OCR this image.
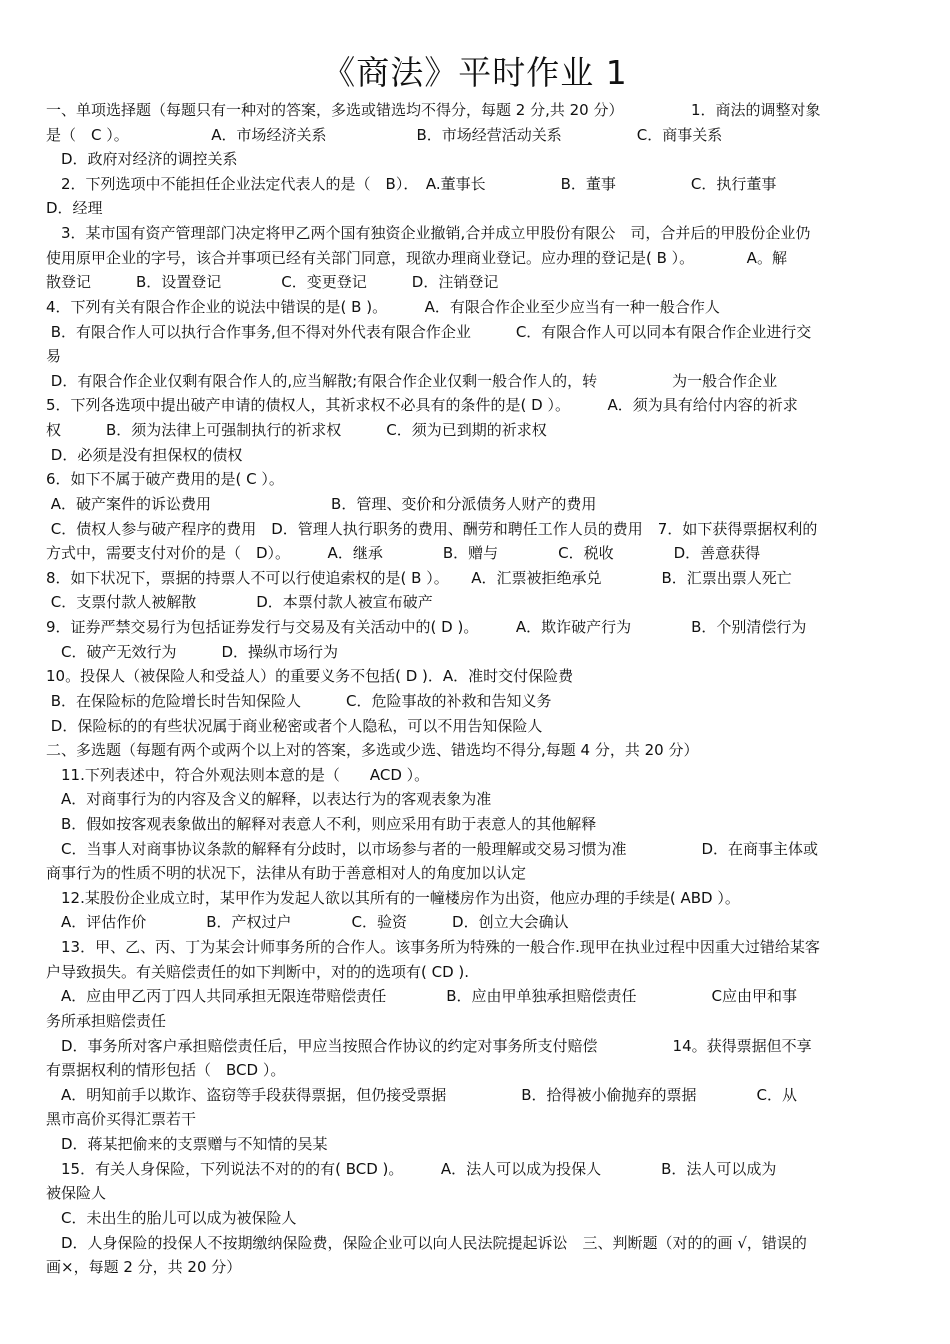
《商法》平时作业 1
一、单项选择题（每题只有一种对的答案，多选或错选均不得分，每题 2 分,共 20 分）　　　　　1．商法的调整对象
是（　C ）。　　　　　　A．市场经济关系　　　　　　B．市场经营活动关系　　　　　C．商事关系
　D．政府对经济的调控关系
　2．下列选项中不能担任企业法定代表人的是（　B）．　A.董事长　　　　　B．董事　　　　　C．执行董事
D．经理
　3．某市国有资产管理部门决定将甲乙两个国有独资企业撤销,合并成立甲股份有限公　司，合并后的甲股份企业仍
使用原甲企业的字号，该合并事项已经有关部门同意，现欲办理商业登记。应办理的登记是( B ）。　　　　A。解
散登记　　　B．设置登记　　　　C．变更登记　　　D．注销登记
4．下列有关有限合作企业的说法中错误的是( B )。　　　A．有限合作企业至少应当有一种一般合作人
B．有限合作人可以执行合作事务,但不得对外代表有限合作企业　　　C．有限合作人可以同本有限合作企业进行交
易
D．有限合作企业仅剩有限合作人的,应当解散;有限合作企业仅剩一般合作人的，转　　　　　为一般合作企业
5．下列各选项中提出破产申请的债权人，其祈求权不必具有的条件的是( D ）。　　　A．须为具有给付内容的祈求
权　　　B．须为法律上可强制执行的祈求权　　　C．须为已到期的祈求权
D．必须是没有担保权的债权
6．如下不属于破产费用的是( C ）。
A．破产案件的诉讼费用　　　　　　　　B．管理、变价和分派债务人财产的费用
C．债权人参与破产程序的费用　D．管理人执行职务的费用、酬劳和聘任工作人员的费用　7．如下获得票据权利的
方式中，需要支付对价的是（　D）。　　　A．继承　　　　B．赠与　　　　C．税收　　　　D．善意获得
8．如下状况下，票据的持票人不可以行使追索权的是( B ）。　　A．汇票被拒绝承兑　　　　B．汇票出票人死亡
C．支票付款人被解散　　　　D．本票付款人被宣布破产
9．证券严禁交易行为包括证券发行与交易及有关活动中的( D )。　　　A．欺诈破产行为　　　　B．个别清偿行为
　C．破产无效行为　　　D．操纵市场行为
10。投保人（被保险人和受益人）的重要义务不包括( D )．A．准时交付保险费
B．在保险标的危险增长时告知保险人　　　C．危险事故的补救和告知义务
D．保险标的的有些状况属于商业秘密或者个人隐私，可以不用告知保险人
二、多选题（每题有两个或两个以上对的答案，多选或少选、错选均不得分,每题 4 分，共 20 分）
　11.下列表述中，符合外观法则本意的是（　　ACD ）。
　A．对商事行为的内容及含义的解释，以表达行为的客观表象为准
　B．假如按客观表象做出的解释对表意人不利，则应采用有助于表意人的其他解释
　C．当事人对商事协议条款的解释有分歧时，以市场参与者的一般理解或交易习惯为准　　　　　D．在商事主体或
商事行为的性质不明的状况下，法律从有助于善意相对人的角度加以认定
　12.某股份企业成立时，某甲作为发起人欲以其所有的一幢楼房作为出资，他应办理的手续是( ABD ）。
　A．评估作价　　　　B．产权过户　　　　C．验资　　　D．创立大会确认
　13．甲、乙、丙、丁为某会计师事务所的合作人。该事务所为特殊的一般合作.现甲在执业过程中因重大过错给某客
户导致损失。有关赔偿责任的如下判断中，对的的选项有( CD ).
　A．应由甲乙丙丁四人共同承担无限连带赔偿责任　　　　B．应由甲单独承担赔偿责任　　　　　C应由甲和事
务所承担赔偿责任
　D．事务所对客户承担赔偿责任后，甲应当按照合作协议的约定对事务所支付赔偿　　　　　14。获得票据但不享
有票据权利的情形包括（　BCD ）。
　A．明知前手以欺诈、盗窃等手段获得票据，但仍接受票据　　　　　B．拾得被小偷抛弃的票据　　　　C．从
黑市高价买得汇票若干
　D．蒋某把偷来的支票赠与不知情的吴某
　15．有关人身保险，下列说法不对的的有( BCD )。　　　A．法人可以成为投保人　　　　B．法人可以成为
被保险人
　C．未出生的胎儿可以成为被保险人
　D．人身保险的投保人不按期缴纳保险费，保险企业可以向人民法院提起诉讼　三、判断题（对的的画 √，错误的
画×，每题 2 分，共 20 分）
